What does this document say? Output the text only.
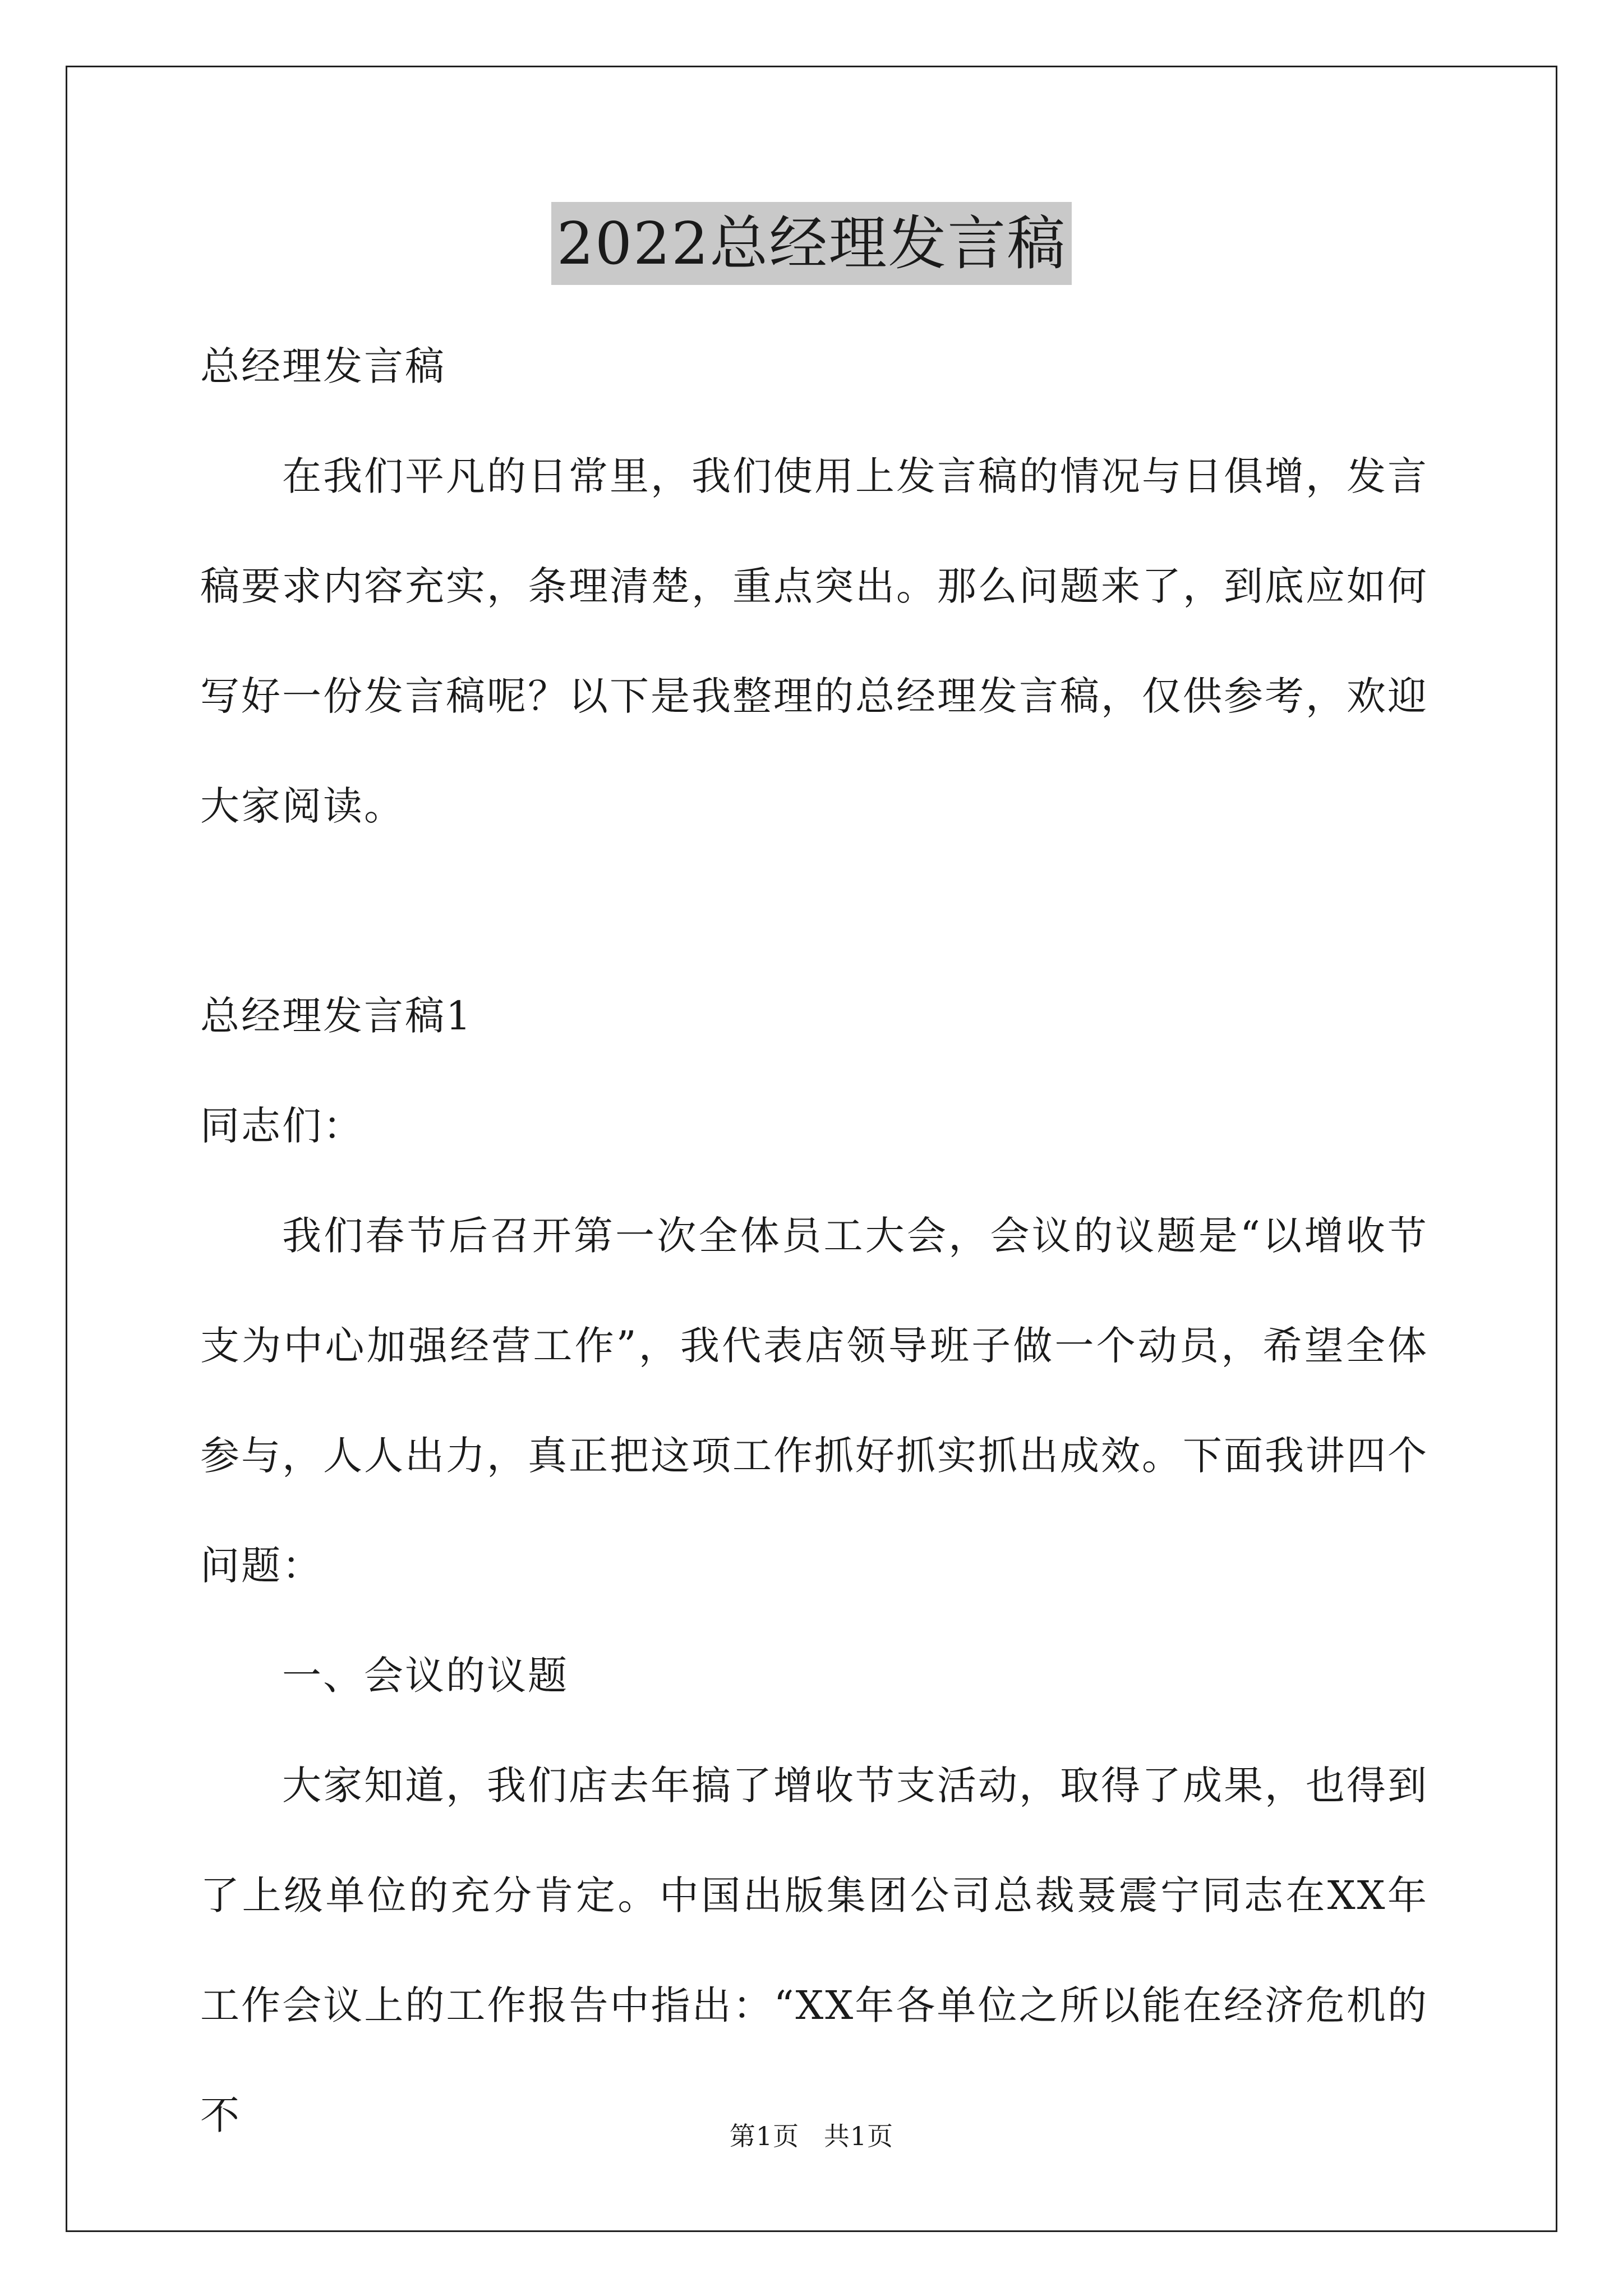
2022总经理发言稿

总经理发言稿

在我们平凡的日常里，我们使用上发言稿的情况与日俱增，发言稿要求内容充实，条理清楚，重点突出。那么问题来了，到底应如何写好一份发言稿呢？以下是我整理的总经理发言稿，仅供参考，欢迎大家阅读。

总经理发言稿1

同志们：

我们春节后召开第一次全体员工大会，会议的议题是“以增收节支为中心加强经营工作”，我代表店领导班子做一个动员，希望全体参与，人人出力，真正把这项工作抓好抓实抓出成效。下面我讲四个问题：

一、会议的议题

大家知道，我们店去年搞了增收节支活动，取得了成果，也得到了上级单位的充分肯定。中国出版集团公司总裁聂震宁同志在XX年工作会议上的工作报告中指出：“XX年各单位之所以能在经济危机的不	第1页 共1页
